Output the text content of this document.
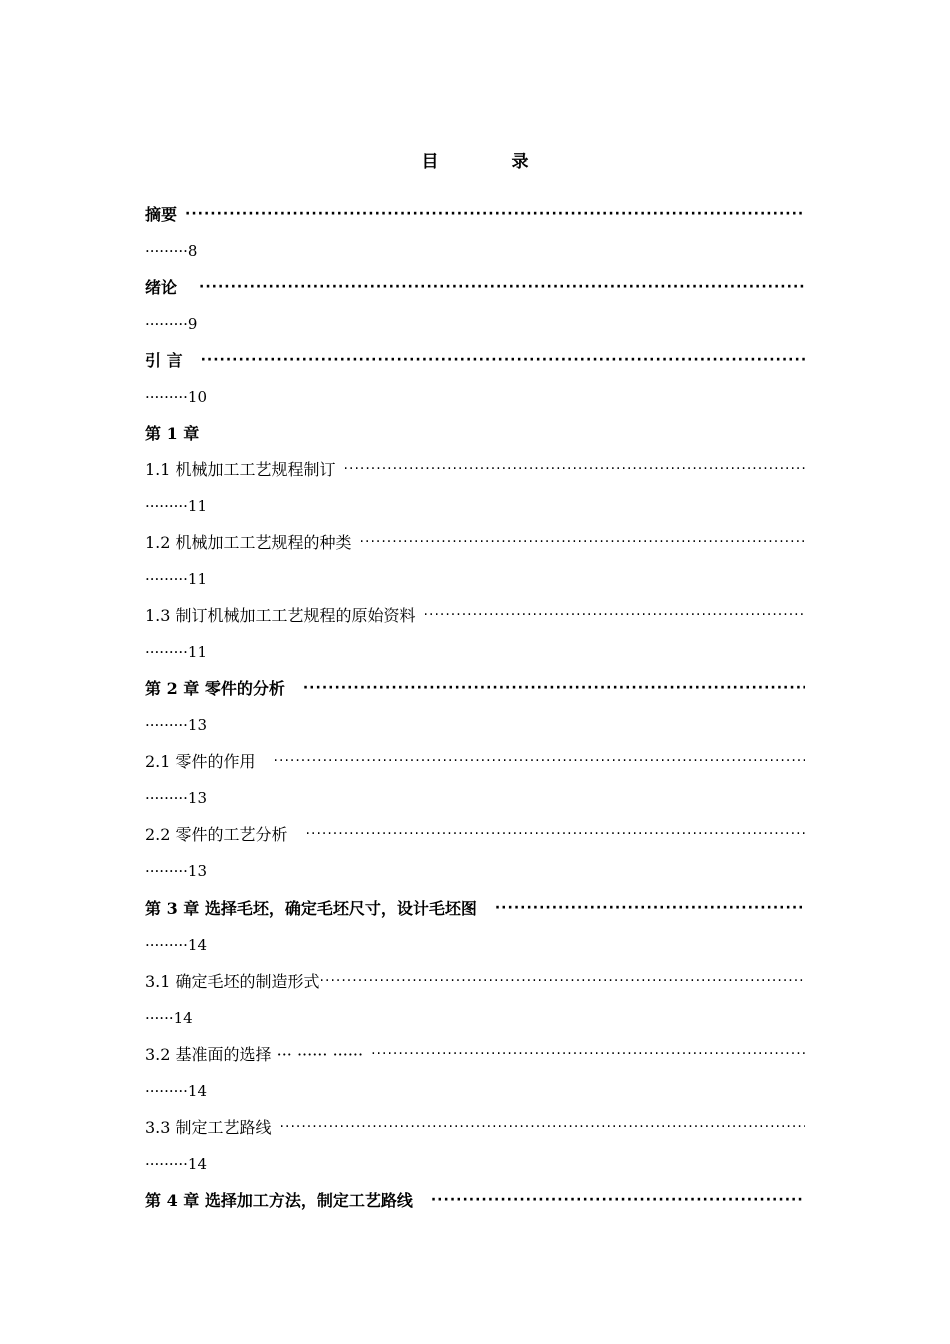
目　录
摘要
·····
·········8
绪论
·····
·········9
引 言
·····
·········10
第 1 章
1.1 机械加工工艺规程制订
·····
·········11
1.2 机械加工工艺规程的种类
·····
·········11
1.3 制订机械加工工艺规程的原始资料
·····
·········11
第 2 章 零件的分析
·····
·········13
2.1 零件的作用
·····
·········13
2.2 零件的工艺分析
·····
·········13
第 3 章 选择毛坯，确定毛坯尺寸，设计毛坯图
·····
·········14
3.1 确定毛坯的制造形式
·····
······14
3.2 基准面的选择 ··· ······ ······
·····
·········14
3.3 制定工艺路线
·····
·········14
第 4 章 选择加工方法，制定工艺路线
·····
